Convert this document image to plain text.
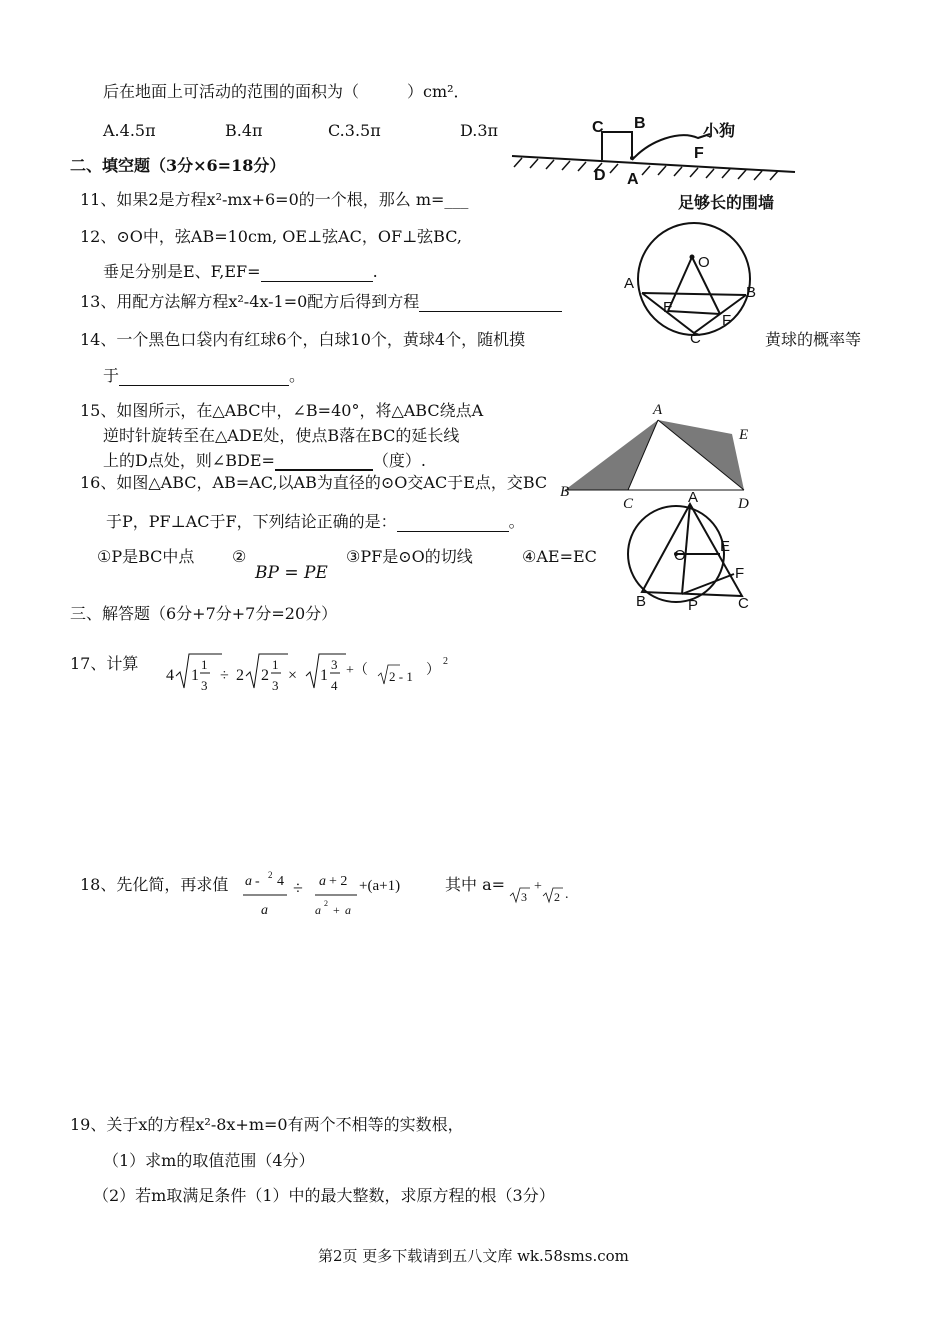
后在地面上可活动的范围的面积为（　　　）cm²．
A.4.5π	B.4π	C.3.5π	D.3π
二、填空题（3分×6=18分）
11、如果2是方程x²-mx+6=0的一个根，那么 m=___
12、⊙O中，弦AB=10cm, OE⊥弦AC，OF⊥弦BC,
垂足分别是E、F,EF=	.
13、用配方法解方程x²-4x-1=0配方后得到方程
14、一个黑色口袋内有红球6个，白球10个，黄球4个，随机摸	黄球的概率等
于	。
15、如图所示，在△ABC中，∠B=40°，将△ABC绕点A
逆时针旋转至在△ADE处，使点B落在BC的延长线
上的D点处，则∠BDE=	（度）.
16、如图△ABC，AB=AC,以AB为直径的⊙O交AC于E点，交BC
于P，PF⊥AC于F，下列结论正确的是：	。
①P是BC中点 ②
BP = PE
③PF是⊙O的切线	④AE=EC
三、解答题（6分+7分+7分=20分）
17、计算
4 1
1
3
÷ 2 2
1
3
× 1
3
4
+（ 2 - 1 ）
2
18、先化简，再求值 a - 2 4
a
÷ a + 2
a 2 + a
+(a+1)	其中 a=
3
+
2 .
19、关于x的方程x²-8x+m=0有两个不相等的实数根，
（1）求m的取值范围（4分）
（2）若m取满足条件（1）中的最大整数，求原方程的根（3分）
第2页 更多下载请到五八文库 wk.58sms.com
C B
D A
F
小狗
足够长的围墙
O
A
E
C
F
B
A
E
B
C	D
A
O
E
F
B	P	C
